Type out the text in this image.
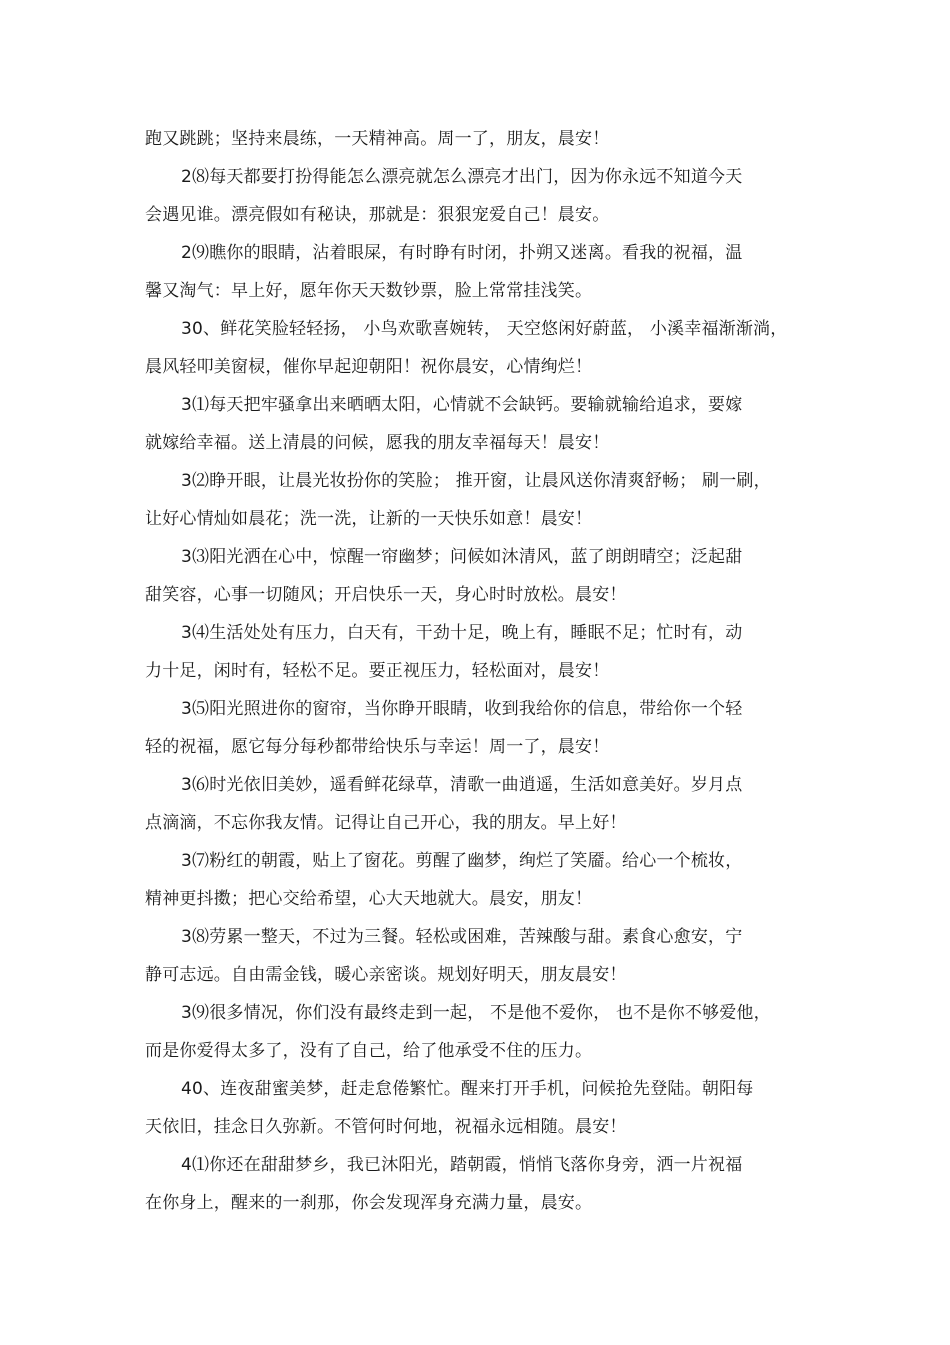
跑又跳跳；坚持来晨练，一天精神高。周一了，朋友，晨安！
2⑻每天都要打扮得能怎么漂亮就怎么漂亮才出门，因为你永远不知道今天
会遇见谁。漂亮假如有秘诀，那就是：狠狠宠爱自己！晨安。
2⑼瞧你的眼睛，沾着眼屎，有时睁有时闭，扑朔又迷离。看我的祝福，温
馨又淘气：早上好，愿年你天天数钞票，脸上常常挂浅笑。
30、鲜花笑脸轻轻扬， 小鸟欢歌喜婉转， 天空悠闲好蔚蓝， 小溪幸福渐渐淌，
晨风轻叩美窗棂，催你早起迎朝阳！祝你晨安，心情绚烂！
3⑴每天把牢骚拿出来晒晒太阳，心情就不会缺钙。要输就输给追求，要嫁
就嫁给幸福。送上清晨的问候，愿我的朋友幸福每天！晨安！
3⑵睁开眼，让晨光妆扮你的笑脸； 推开窗，让晨风送你清爽舒畅； 刷一刷，
让好心情灿如晨花；洗一洗，让新的一天快乐如意！晨安！
3⑶阳光洒在心中，惊醒一帘幽梦；问候如沐清风，蓝了朗朗晴空；泛起甜
甜笑容，心事一切随风；开启快乐一天，身心时时放松。晨安！
3⑷生活处处有压力，白天有，干劲十足，晚上有，睡眠不足；忙时有，动
力十足，闲时有，轻松不足。要正视压力，轻松面对，晨安！
3⑸阳光照进你的窗帘，当你睁开眼睛，收到我给你的信息，带给你一个轻
轻的祝福，愿它每分每秒都带给快乐与幸运！周一了，晨安！
3⑹时光依旧美妙，遥看鲜花绿草，清歌一曲逍遥，生活如意美好。岁月点
点滴滴，不忘你我友情。记得让自己开心，我的朋友。早上好！
3⑺粉红的朝霞，贴上了窗花。剪醒了幽梦，绚烂了笑靥。给心一个梳妆，
精神更抖擞；把心交给希望，心大天地就大。晨安，朋友！
3⑻劳累一整天，不过为三餐。轻松或困难，苦辣酸与甜。素食心愈安，宁
静可志远。自由需金钱，暖心亲密谈。规划好明天，朋友晨安！
3⑼很多情况，你们没有最终走到一起， 不是他不爱你， 也不是你不够爱他，
而是你爱得太多了，没有了自己，给了他承受不住的压力。
40、连夜甜蜜美梦，赶走怠倦繁忙。醒来打开手机，问候抢先登陆。朝阳每
天依旧，挂念日久弥新。不管何时何地，祝福永远相随。晨安！
4⑴你还在甜甜梦乡，我已沐阳光，踏朝霞，悄悄飞落你身旁，洒一片祝福
在你身上，醒来的一刹那，你会发现浑身充满力量，晨安。
